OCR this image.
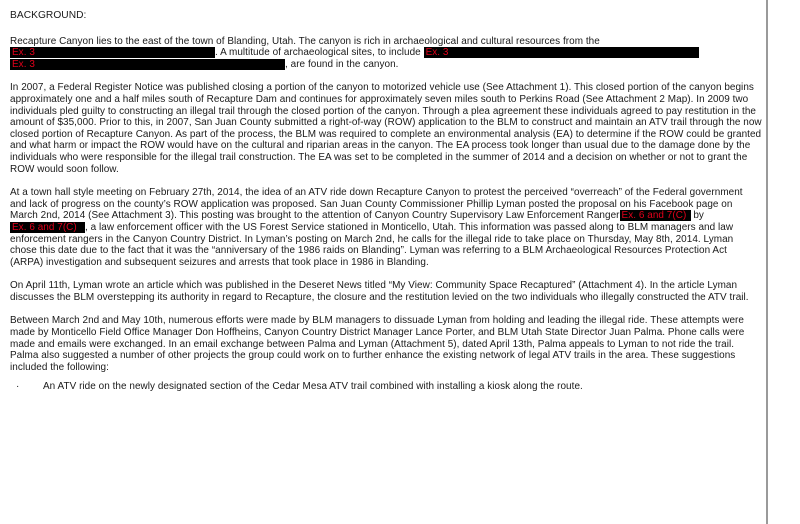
BACKGROUND:

Recapture Canyon lies to the east of the town of Blanding, Utah. The canyon is rich in archaeological and cultural resources from the
Ex. 3	. A multitude of archaeological sites, to include Ex. 3
Ex. 3	, are found in the canyon.

In 2007, a Federal Register Notice was published closing a portion of the canyon to motorized vehicle use (See Attachment 1). This closed portion of the canyon begins approximately one and a half miles south of Recapture Dam and continues for approximately seven miles south to Perkins Road (See Attachment 2 Map). In 2009 two individuals pled guilty to constructing an illegal trail through the closed portion of the canyon. Through a plea agreement these individuals agreed to pay restitution in the amount of $35,000. Prior to this, in 2007, San Juan County submitted a right-of-way (ROW) application to the BLM to construct and maintain an ATV trail through the now closed portion of Recapture Canyon. As part of the process, the BLM was required to complete an environmental analysis (EA) to determine if the ROW could be granted and what harm or impact the ROW would have on the cultural and riparian areas in the canyon. The EA process took longer than usual due to the damage done by the individuals who were responsible for the illegal trail construction. The EA was set to be completed in the summer of 2014 and a decision on whether or not to grant the ROW would soon follow.

At a town hall style meeting on February 27th, 2014, the idea of an ATV ride down Recapture Canyon to protest the perceived “overreach” of the Federal government and lack of progress on the county’s ROW application was proposed. San Juan County Commissioner Phillip Lyman posted the proposal on his Facebook page on March 2nd, 2014 (See Attachment 3). This posting was brought to the attention of Canyon Country Supervisory Law Enforcement Ranger Ex. 6 and 7(C) by Ex. 6 and 7(C) , a law enforcement officer with the US Forest Service stationed in Monticello, Utah. This information was passed along to BLM managers and law enforcement rangers in the Canyon Country District. In Lyman’s posting on March 2nd, he calls for the illegal ride to take place on Thursday, May 8th, 2014. Lyman chose this date due to the fact that it was the “anniversary of the 1986 raids on Blanding”. Lyman was referring to a BLM Archaeological Resources Protection Act (ARPA) investigation and subsequent seizures and arrests that took place in 1986 in Blanding.

On April 11th, Lyman wrote an article which was published in the Deseret News titled “My View: Community Space Recaptured” (Attachment 4). In the article Lyman discusses the BLM overstepping its authority in regard to Recapture, the closure and the restitution levied on the two individuals who illegally constructed the ATV trail.

Between March 2nd and May 10th, numerous efforts were made by BLM managers to dissuade Lyman from holding and leading the illegal ride. These attempts were made by Monticello Field Office Manager Don Hoffheins, Canyon Country District Manager Lance Porter, and BLM Utah State Director Juan Palma. Phone calls were made and emails were exchanged. In an email exchange between Palma and Lyman (Attachment 5), dated April 13th, Palma appeals to Lyman to not ride the trail. Palma also suggested a number of other projects the group could work on to further enhance the existing network of legal ATV trails in the area. These suggestions included the following:

·	An ATV ride on the newly designated section of the Cedar Mesa ATV trail combined with installing a kiosk along the route.
